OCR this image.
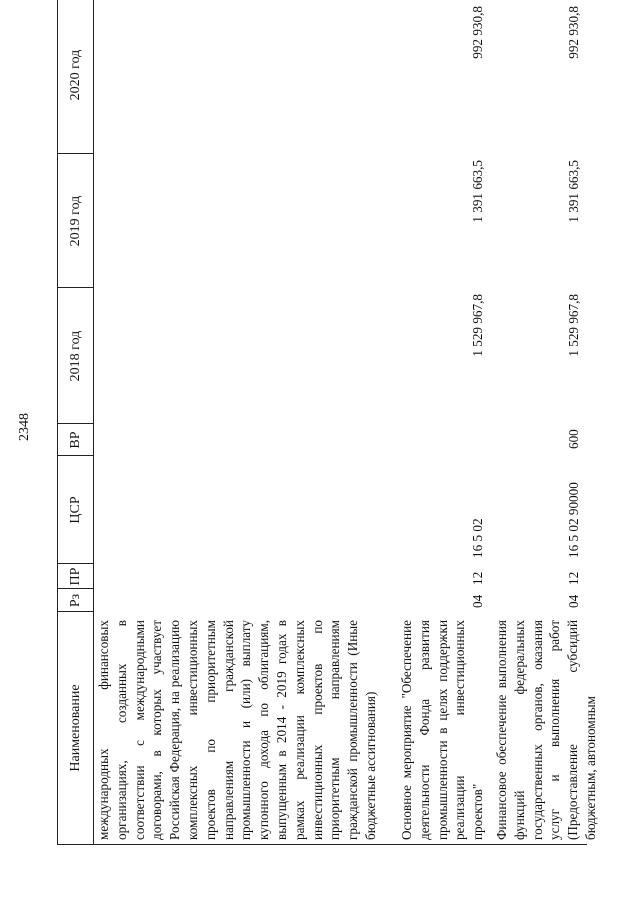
2348
Наименование
Рз
ПР
ЦСР
ВР
2018 год
2019 год
2020 год
международных финансовых организациях, созданных в соответствии с международными договорами, в которых участвует Российская Федерация, на реализацию комплексных инвестиционных проектов по приоритетным направлениям гражданской промышленности и (или) выплату купонного дохода по облигациям, выпущенным в 2014 - 2019 годах в рамках реализации комплексных инвестиционных проектов по приоритетным направлениям гражданской промышленности (Иные бюджетные ассигнования) Основное мероприятие "Обеспечение деятельности Фонда развития промышленности в целях поддержки реализации инвестиционных проектов"
04
12
16 5 02
1 529 967,8
1 391 663,5
992 930,8
Финансовое обеспечение выполнения функций федеральных государственных органов, оказания услуг и выполнения работ (Предоставление субсидий бюджетным, автономным
04
12
16 5 02 90000
600
1 529 967,8
1 391 663,5
992 930,8
